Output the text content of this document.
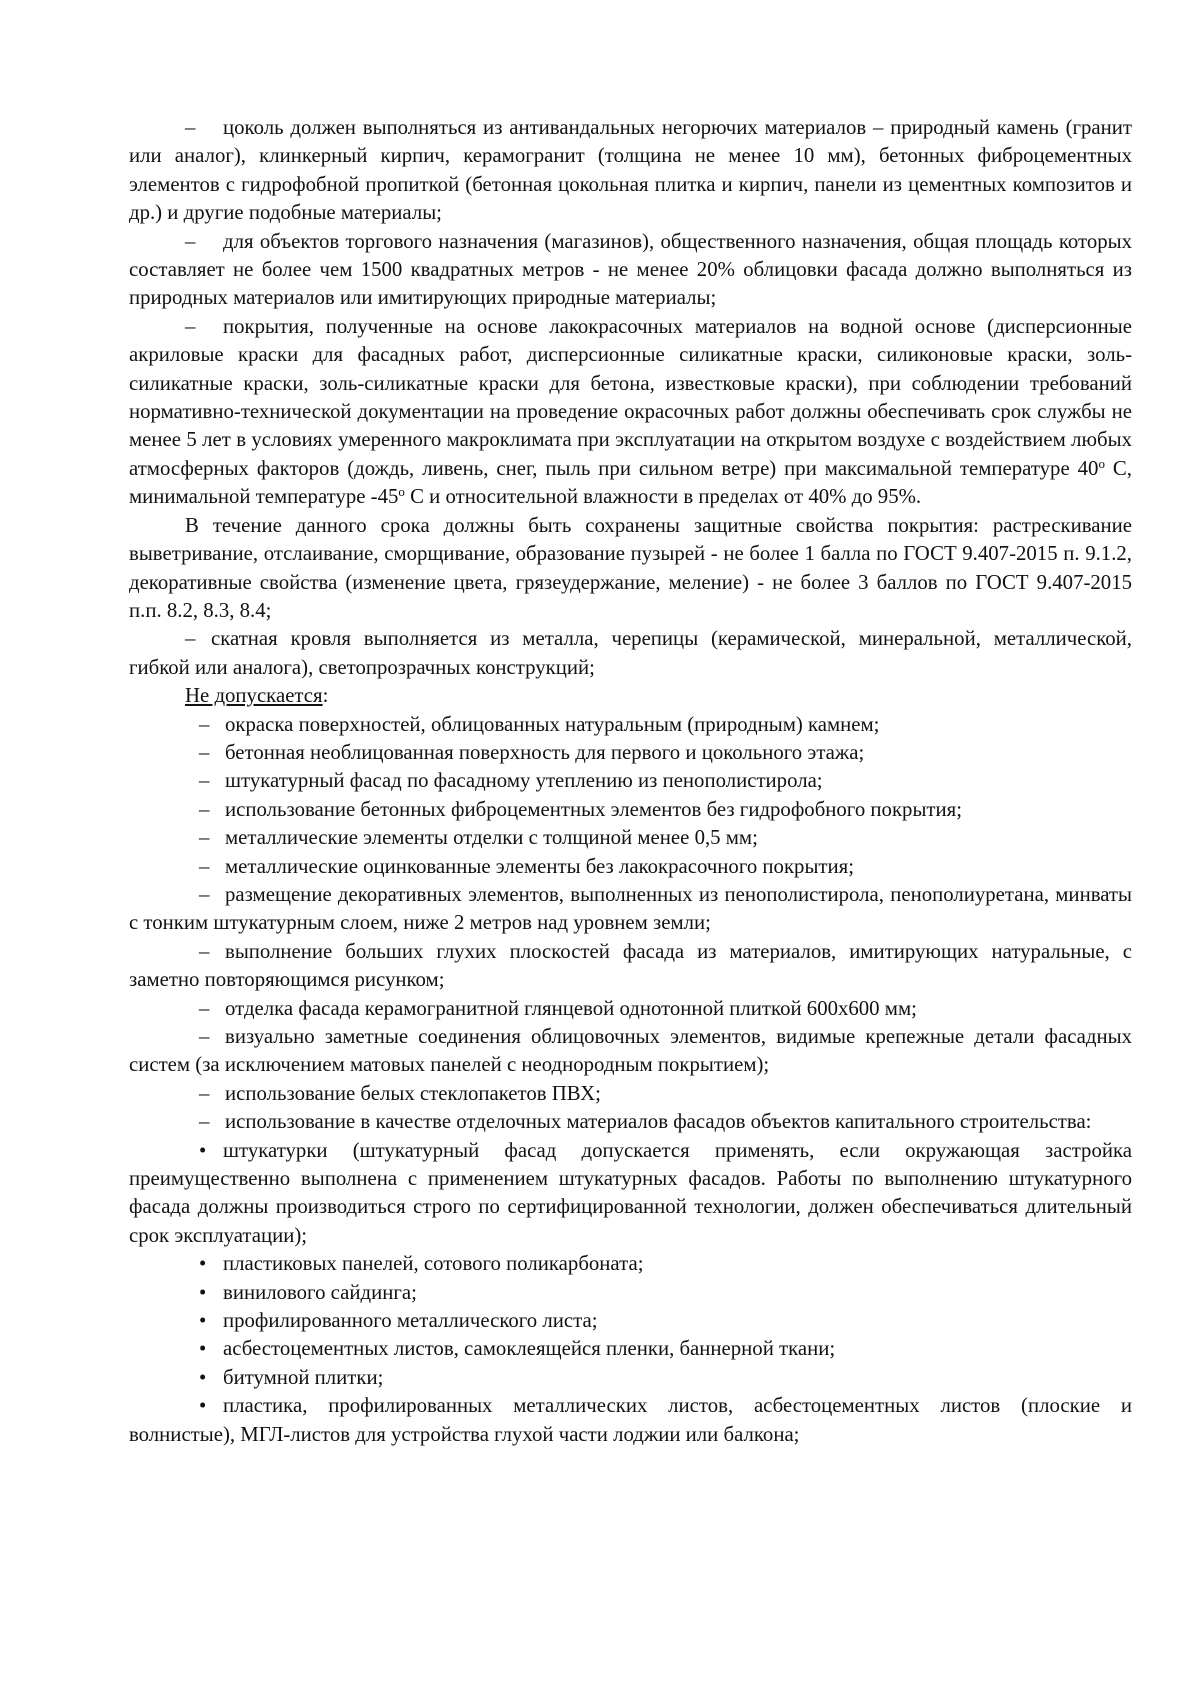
– цоколь должен выполняться из антивандальных негорючих материалов – природный камень (гранит или аналог), клинкерный кирпич, керамогранит (толщина не менее 10 мм), бетонных фиброцементных элементов с гидрофобной пропиткой (бетонная цокольная плитка и кирпич, панели из цементных композитов и др.) и другие подобные материалы;

– для объектов торгового назначения (магазинов), общественного назначения, общая площадь которых составляет не более чем 1500 квадратных метров - не менее 20% облицовки фасада должно выполняться из природных материалов или имитирующих природные материалы;

– покрытия, полученные на основе лакокрасочных материалов на водной основе (дисперсионные акриловые краски для фасадных работ, дисперсионные силикатные краски, силиконовые краски, золь-силикатные краски, золь-силикатные краски для бетона, известковые краски), при соблюдении требований нормативно-технической документации на проведение окрасочных работ должны обеспечивать срок службы не менее 5 лет в условиях умеренного макроклимата при эксплуатации на открытом воздухе с воздействием любых атмосферных факторов (дождь, ливень, снег, пыль при сильном ветре) при максимальной температуре $40^о$ С, минимальной температуре $-45^о$ С и относительной влажности в пределах от 40% до 95%.

В течение данного срока должны быть сохранены защитные свойства покрытия: растрескивание выветривание, отслаивание, сморщивание, образование пузырей - не более 1 балла по ГОСТ 9.407-2015 п. 9.1.2, декоративные свойства (изменение цвета, грязеудержание, меление) - не более 3 баллов по ГОСТ 9.407-2015 п.п. 8.2, 8.3, 8.4;

– скатная кровля выполняется из металла, черепицы (керамической, минеральной, металлической, гибкой или аналога), светопрозрачных конструкций;

Не допускается:

– окраска поверхностей, облицованных натуральным (природным) камнем;

– бетонная необлицованная поверхность для первого и цокольного этажа;

– штукатурный фасад по фасадному утеплению из пенополистирола;

– использование бетонных фиброцементных элементов без гидрофобного покрытия;

– металлические элементы отделки с толщиной менее 0,5 мм;

– металлические оцинкованные элементы без лакокрасочного покрытия;

– размещение декоративных элементов, выполненных из пенополистирола, пенополиуретана, минваты с тонким штукатурным слоем, ниже 2 метров над уровнем земли;

– выполнение больших глухих плоскостей фасада из материалов, имитирующих натуральные, с заметно повторяющимся рисунком;

– отделка фасада керамогранитной глянцевой однотонной плиткой 600х600 мм;

– визуально заметные соединения облицовочных элементов, видимые крепежные детали фасадных систем (за исключением матовых панелей с неоднородным покрытием);

– использование белых стеклопакетов ПВХ;

– использование в качестве отделочных материалов фасадов объектов капитального строительства:

• штукатурки (штукатурный фасад допускается применять, если окружающая застройка преимущественно выполнена с применением штукатурных фасадов. Работы по выполнению штукатурного фасада должны производиться строго по сертифицированной технологии, должен обеспечиваться длительный срок эксплуатации);

• пластиковых панелей, сотового поликарбоната;

• винилового сайдинга;

• профилированного металлического листа;

• асбестоцементных листов, самоклеящейся пленки, баннерной ткани;

• битумной плитки;

• пластика, профилированных металлических листов, асбестоцементных листов (плоские и волнистые), МГЛ-листов для устройства глухой части лоджии или балкона;
